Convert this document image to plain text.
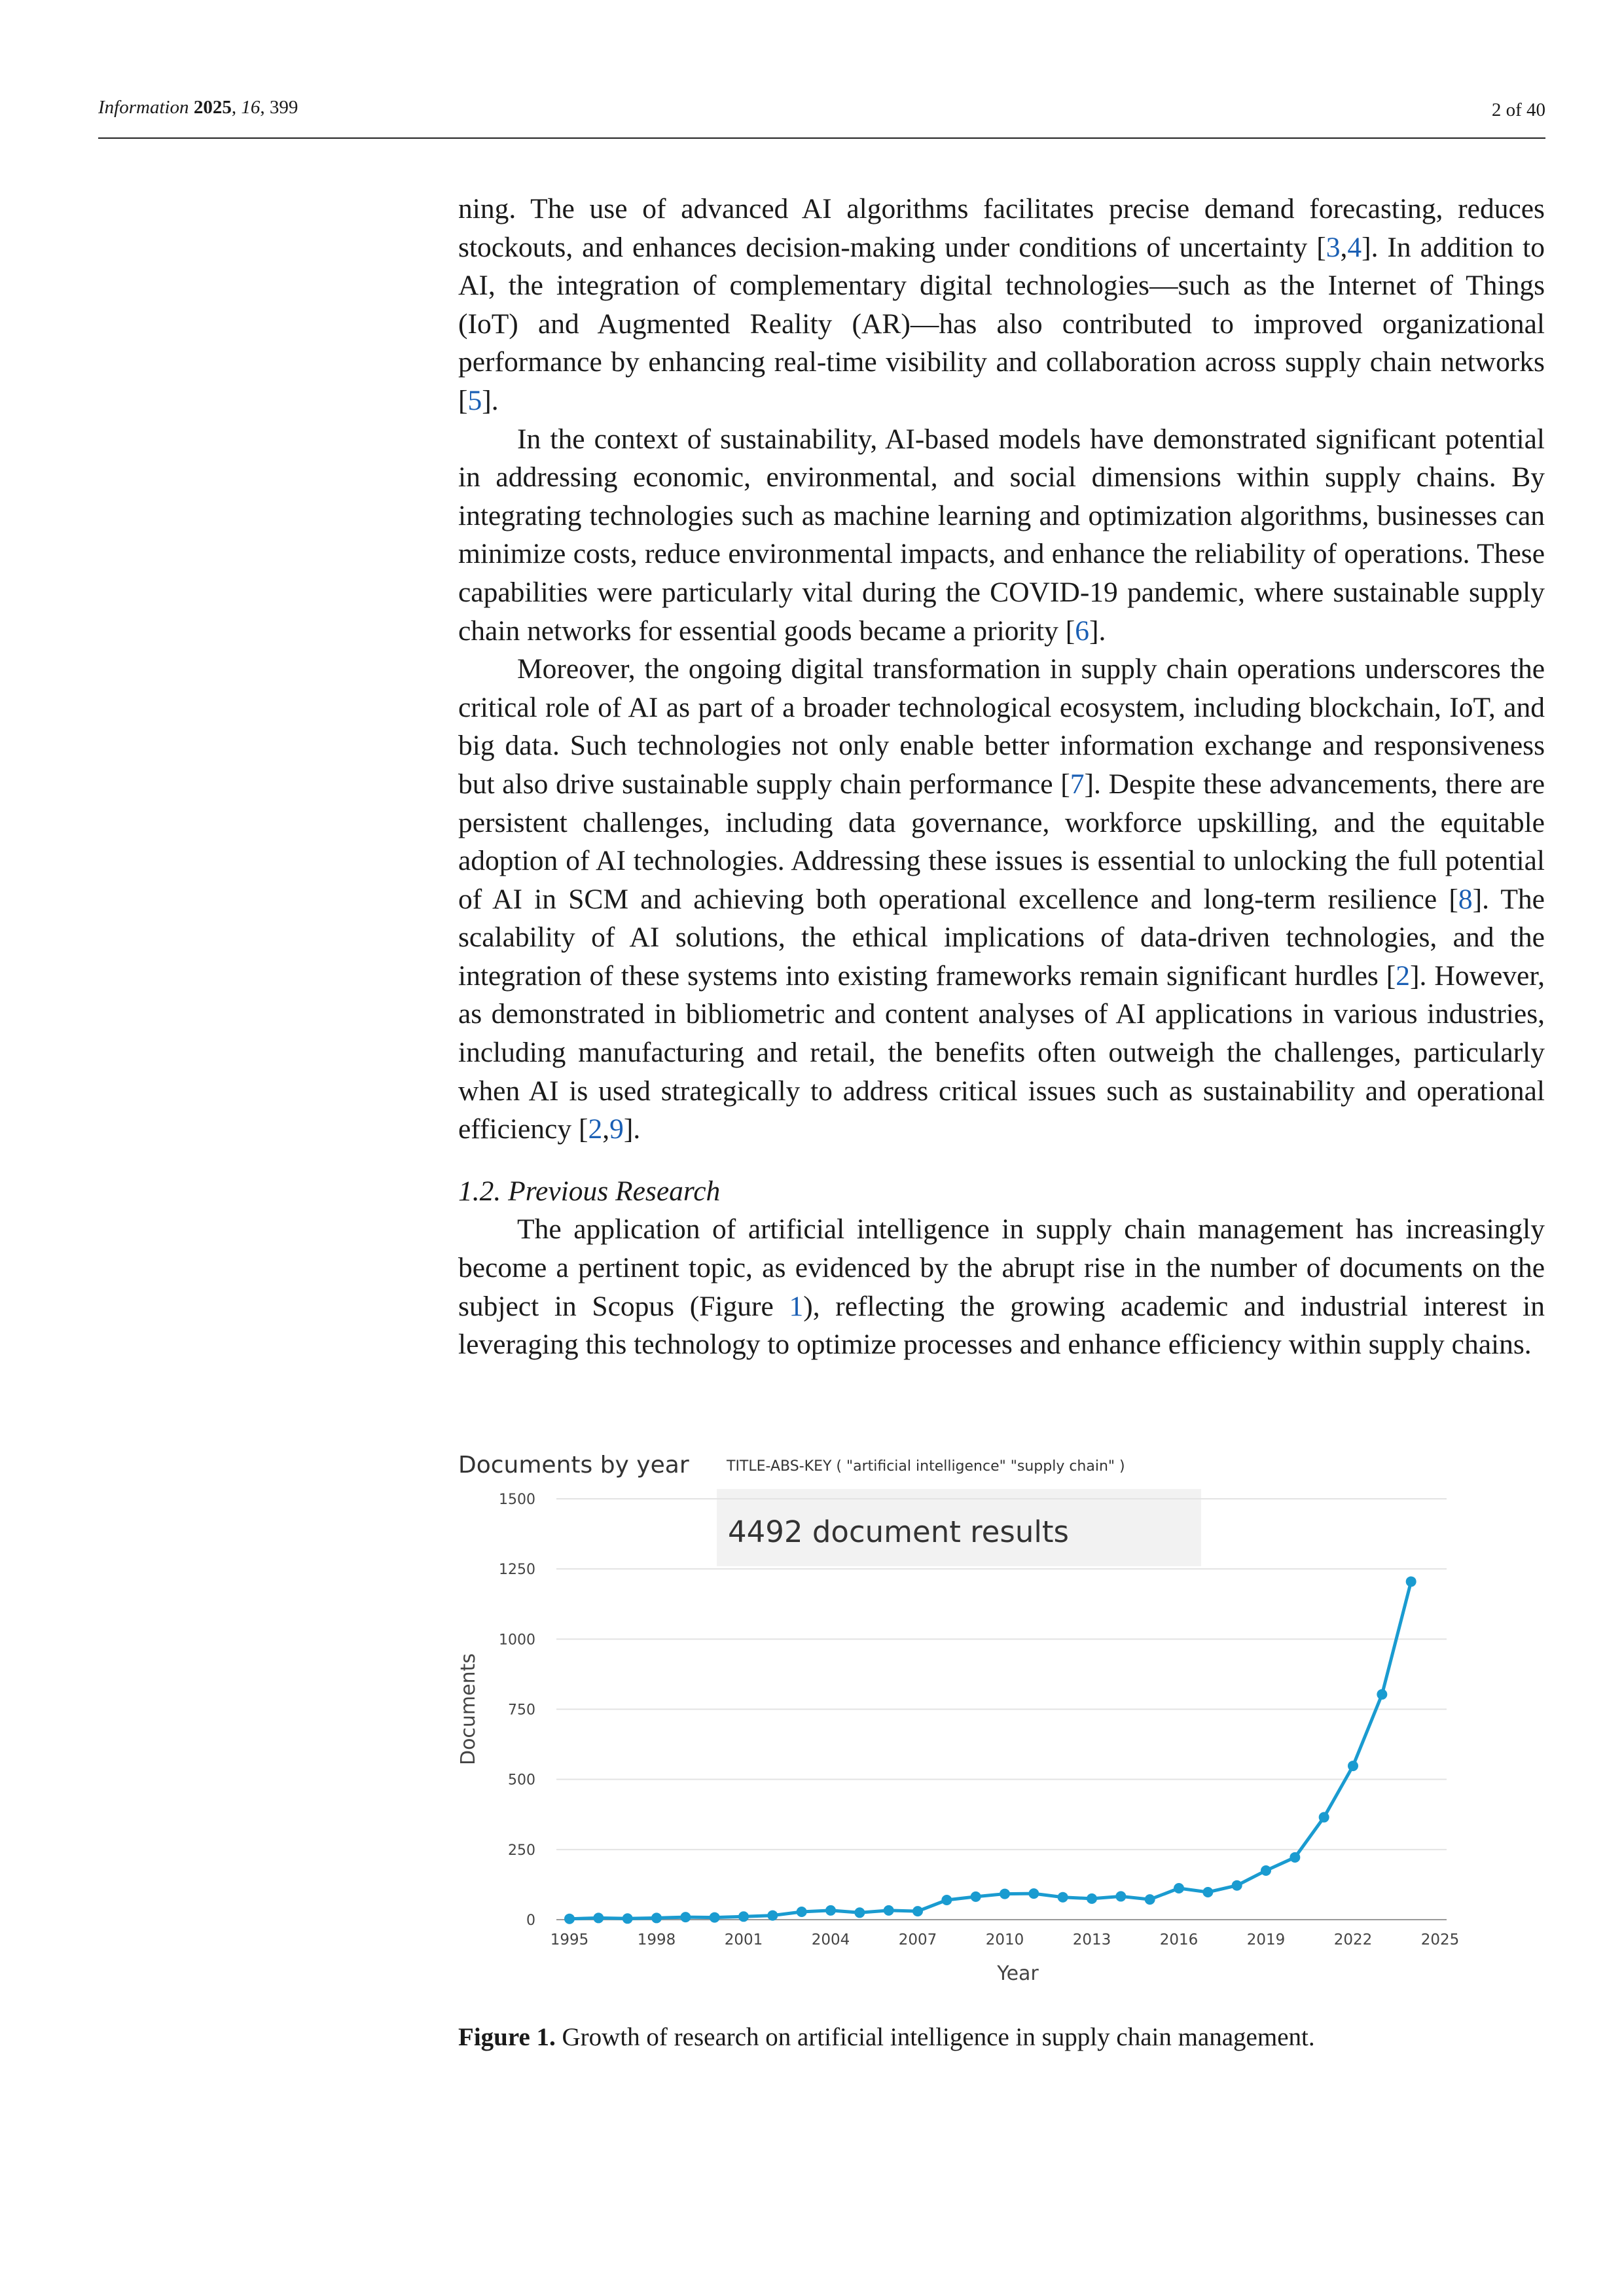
Information 2025, 16, 399	2 of 40

ning. The use of advanced AI algorithms facilitates precise demand forecasting, reduces stockouts, and enhances decision-making under conditions of uncertainty [3,4]. In addition to AI, the integration of complementary digital technologies—such as the Internet of Things (IoT) and Augmented Reality (AR)—has also contributed to improved organizational performance by enhancing real-time visibility and collaboration across supply chain networks [5].

In the context of sustainability, AI-based models have demonstrated significant potential in addressing economic, environmental, and social dimensions within supply chains. By integrating technologies such as machine learning and optimization algorithms, businesses can minimize costs, reduce environmental impacts, and enhance the reliability of operations. These capabilities were particularly vital during the COVID-19 pandemic, where sustainable supply chain networks for essential goods became a priority [6].

Moreover, the ongoing digital transformation in supply chain operations underscores the critical role of AI as part of a broader technological ecosystem, including blockchain, IoT, and big data. Such technologies not only enable better information exchange and responsiveness but also drive sustainable supply chain performance [7]. Despite these advancements, there are persistent challenges, including data governance, workforce upskilling, and the equitable adoption of AI technologies. Addressing these issues is essential to unlocking the full potential of AI in SCM and achieving both operational excellence and long-term resilience [8]. The scalability of AI solutions, the ethical implications of data-driven technologies, and the integration of these systems into existing frameworks remain significant hurdles [2]. However, as demonstrated in bibliometric and content analyses of AI applications in various industries, including manufacturing and retail, the benefits often outweigh the challenges, particularly when AI is used strategically to address critical issues such as sustainability and operational efficiency [2,9].

1.2. Previous Research

The application of artificial intelligence in supply chain management has increasingly become a pertinent topic, as evidenced by the abrupt rise in the number of documents on the subject in Scopus (Figure 1), reflecting the growing academic and industrial interest in leveraging this technology to optimize processes and enhance efficiency within supply chains.

Documents by year	TITLE-ABS-KEY ( "artificial intelligence" "supply chain" )
4492 document results
0
250
500
750
1000
1250
1500
1995	1998	2001	2004	2007	2010	2013	2016	2019	2022	2025
Documents
Year
Figure 1. Growth of research on artificial intelligence in supply chain management.
